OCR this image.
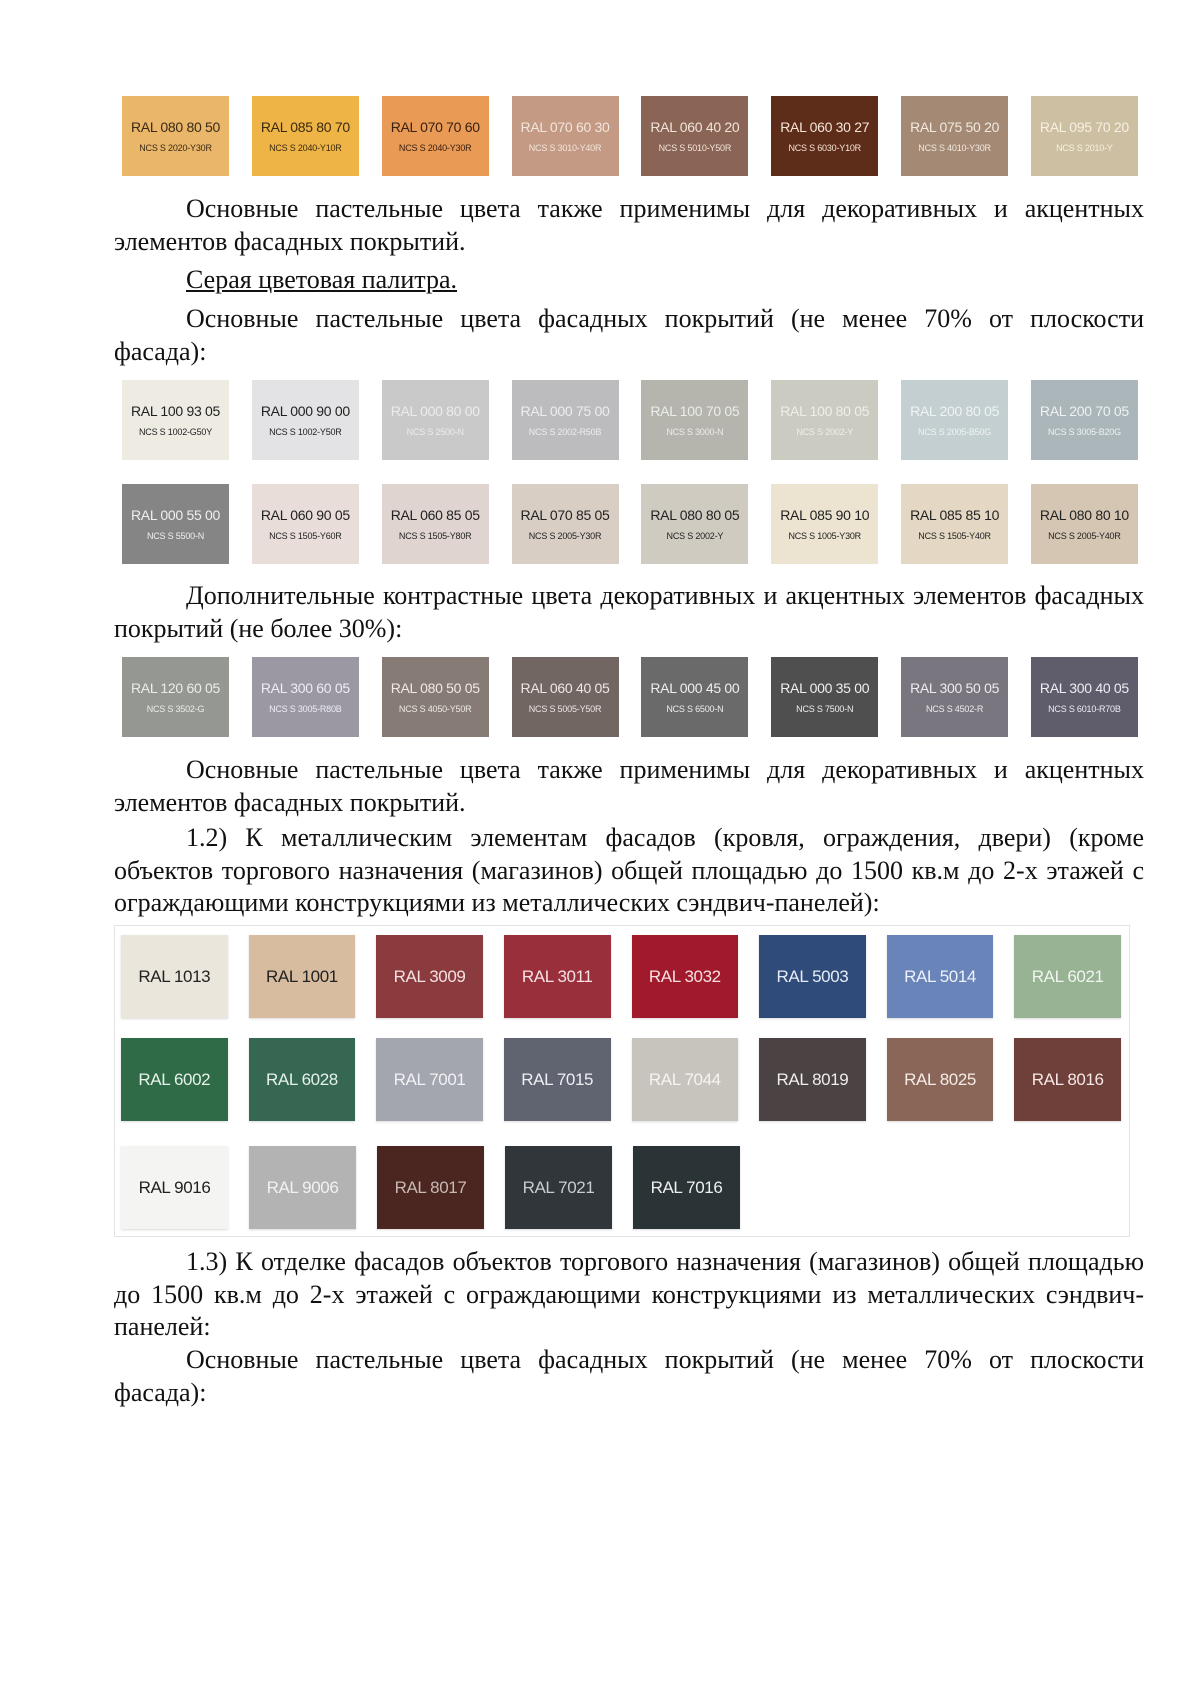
RAL 080 80 50
NCS S 2020-Y30R
RAL 085 80 70
NCS S 2040-Y10R
RAL 070 70 60
NCS S 2040-Y30R
RAL 070 60 30
NCS S 3010-Y40R
RAL 060 40 20
NCS S 5010-Y50R
RAL 060 30 27
NCS S 6030-Y10R
RAL 075 50 20
NCS S 4010-Y30R
RAL 095 70 20
NCS S 2010-Y

Основные пастельные цвета также применимы для декоративных и акцентных элементов фасадных покрытий.

Серая цветовая палитра.

Основные пастельные цвета фасадных покрытий (не менее 70% от плоскости фасада):

RAL 100 93 05
NCS S 1002-G50Y
RAL 000 90 00
NCS S 1002-Y50R
RAL 000 80 00
NCS S 2500-N
RAL 000 75 00
NCS S 2002-R50B
RAL 100 70 05
NCS S 3000-N
RAL 100 80 05
NCS S 2002-Y
RAL 200 80 05
NCS S 2005-B50G
RAL 200 70 05
NCS S 3005-B20G
RAL 000 55 00
NCS S 5500-N
RAL 060 90 05
NCS S 1505-Y60R
RAL 060 85 05
NCS S 1505-Y80R
RAL 070 85 05
NCS S 2005-Y30R
RAL 080 80 05
NCS S 2002-Y
RAL 085 90 10
NCS S 1005-Y30R
RAL 085 85 10
NCS S 1505-Y40R
RAL 080 80 10
NCS S 2005-Y40R

Дополнительные контрастные цвета декоративных и акцентных элементов фасадных покрытий (не более 30%):

RAL 120 60 05
NCS S 3502-G
RAL 300 60 05
NCS S 3005-R80B
RAL 080 50 05
NCS S 4050-Y50R
RAL 060 40 05
NCS S 5005-Y50R
RAL 000 45 00
NCS S 6500-N
RAL 000 35 00
NCS S 7500-N
RAL 300 50 05
NCS S 4502-R
RAL 300 40 05
NCS S 6010-R70B

Основные пастельные цвета также применимы для декоративных и акцентных элементов фасадных покрытий.

1.2) К металлическим элементам фасадов (кровля, ограждения, двери) (кроме объектов торгового назначения (магазинов) общей площадью до 1500 кв.м до 2-х этажей с ограждающими конструкциями из металлических сэндвич-панелей):

RAL 1013	RAL 1001	RAL 3009	RAL 3011	RAL 3032	RAL 5003	RAL 5014	RAL 6021
RAL 6002	RAL 6028	RAL 7001	RAL 7015	RAL 7044	RAL 8019	RAL 8025	RAL 8016
RAL 9016	RAL 9006	RAL 8017	RAL 7021	RAL 7016

1.3) К отделке фасадов объектов торгового назначения (магазинов) общей площадью до 1500 кв.м до 2-х этажей с ограждающими конструкциями из металлических сэндвич-панелей:

Основные пастельные цвета фасадных покрытий (не менее 70% от плоскости фасада):
